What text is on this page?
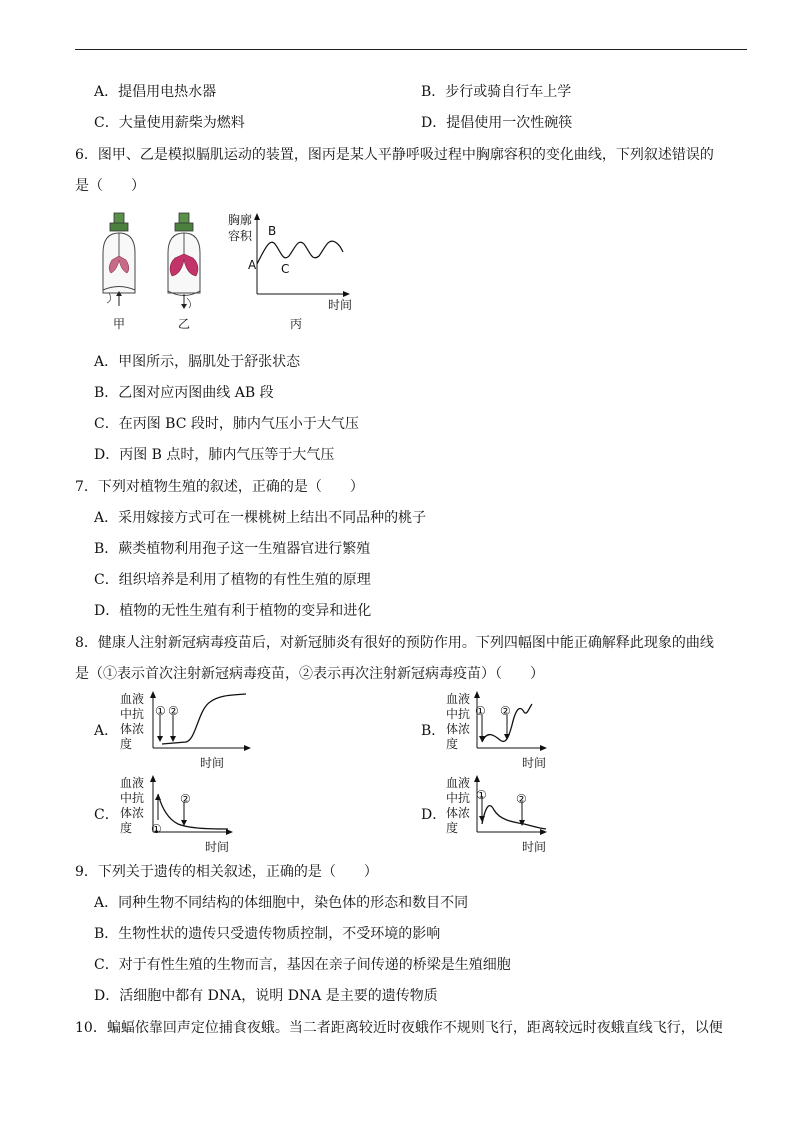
A．提倡用电热水器	B．步行或骑自行车上学
C．大量使用薪柴为燃料	D．提倡使用一次性碗筷
6．图甲、乙是模拟膈肌运动的装置，图丙是某人平静呼吸过程中胸廓容积的变化曲线，下列叙述错误的
是（　　）
胸廓
容积
A
B
C
时间
甲	乙	丙
A．甲图所示，膈肌处于舒张状态
B．乙图对应丙图曲线 AB 段
C．在丙图 BC 段时，肺内气压小于大气压
D．丙图 B 点时，肺内气压等于大气压
7．下列对植物生殖的叙述，正确的是（　　）
A．采用嫁接方式可在一棵桃树上结出不同品种的桃子
B．蕨类植物利用孢子这一生殖器官进行繁殖
C．组织培养是利用了植物的有性生殖的原理
D．植物的无性生殖有利于植物的变异和进化
8．健康人注射新冠病毒疫苗后，对新冠肺炎有很好的预防作用。下列四幅图中能正确解释此现象的曲线
是（①表示首次注射新冠病毒疫苗，②表示再次注射新冠病毒疫苗）（　　）
A．
血液
中抗
体浓
度
① ②
时间
B．
血液
中抗
体浓
度
① ②
时间
C．
血液
中抗
体浓
度	①
②
时间
D．
血液
中抗
体浓
度
① ②
时间
9．下列关于遗传的相关叙述，正确的是（　　）
A．同种生物不同结构的体细胞中，染色体的形态和数目不同
B．生物性状的遗传只受遗传物质控制，不受环境的影响
C．对于有性生殖的生物而言，基因在亲子间传递的桥梁是生殖细胞
D．活细胞中都有 DNA，说明 DNA 是主要的遗传物质
10．蝙蝠依靠回声定位捕食夜蛾。当二者距离较近时夜蛾作不规则飞行，距离较远时夜蛾直线飞行，以便
